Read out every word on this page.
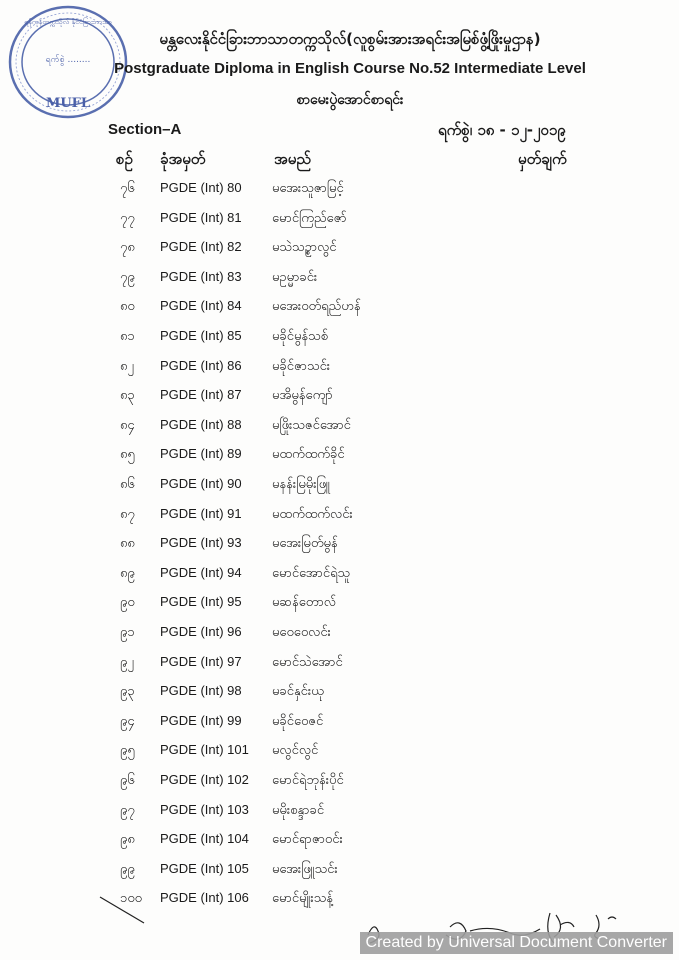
ရက်စွဲ ........
MUFL
ရန်ကုန်တက္ကသိုလ် နိုင်ငံခြားဘာသာ
မန္တလေးနိုင်ငံခြားဘာသာတက္ကသိုလ်(လူစွမ်းအားအရင်းအမြစ်ဖွံ့ဖြိုးမှုဌာန)
Postgraduate Diploma in English Course No.52 Intermediate Level
စာမေးပွဲအောင်စာရင်း
Section–A	ရက်စွဲ၊ ၁၈ - ၁၂-၂၀၁၉
စဉ် ခုံအမှတ်	အမည်	မှတ်ချက်
၇၆ PGDE (Int) 80 မအေးသူဇာမြင့်
၇၇ PGDE (Int) 81 မောင်ကြည်ဇော်
၇၈ PGDE (Int) 82 မသဲသဥ္စာလွင်
၇၉ PGDE (Int) 83 မဥမ္မာခင်း
၈၀ PGDE (Int) 84 မအေးဝတ်ရည်ဟန်
၈၁ PGDE (Int) 85 မခိုင်မွန်သစ်
၈၂ PGDE (Int) 86 မခိုင်ဇာသင်း
၈၃ PGDE (Int) 87 မအိမွန်ကျော်
၈၄ PGDE (Int) 88 မဖြိုးသဇင်အောင်
၈၅ PGDE (Int) 89 မထက်ထက်ခိုင်
၈၆ PGDE (Int) 90 မနန်းမြမိုးဖြူ
၈၇ PGDE (Int) 91 မထက်ထက်လင်း
၈၈ PGDE (Int) 93 မအေးမြတ်မွန်
၈၉ PGDE (Int) 94 မောင်အောင်ရဲသူ
၉၀ PGDE (Int) 95 မဆန်တောလ်
၉၁ PGDE (Int) 96 မဝေဝေလင်း
၉၂ PGDE (Int) 97 မောင်သဲအောင်
၉၃ PGDE (Int) 98 မခင်နှင်းယု
၉၄ PGDE (Int) 99 မခိုင်ဝေဇင်
၉၅ PGDE (Int) 101 မလွင်လွင်
၉၆ PGDE (Int) 102 မောင်ရဲဘုန်းပိုင်
၉၇ PGDE (Int) 103 မမိုးစန္ဒာခင်
၉၈ PGDE (Int) 104 မောင်ရာဇာဝင်း
၉၉ PGDE (Int) 105 မအေးဖြူသင်း
၁၀၀ PGDE (Int) 106 မောင်မျိုးသန့်
Created by Universal Document Converter
